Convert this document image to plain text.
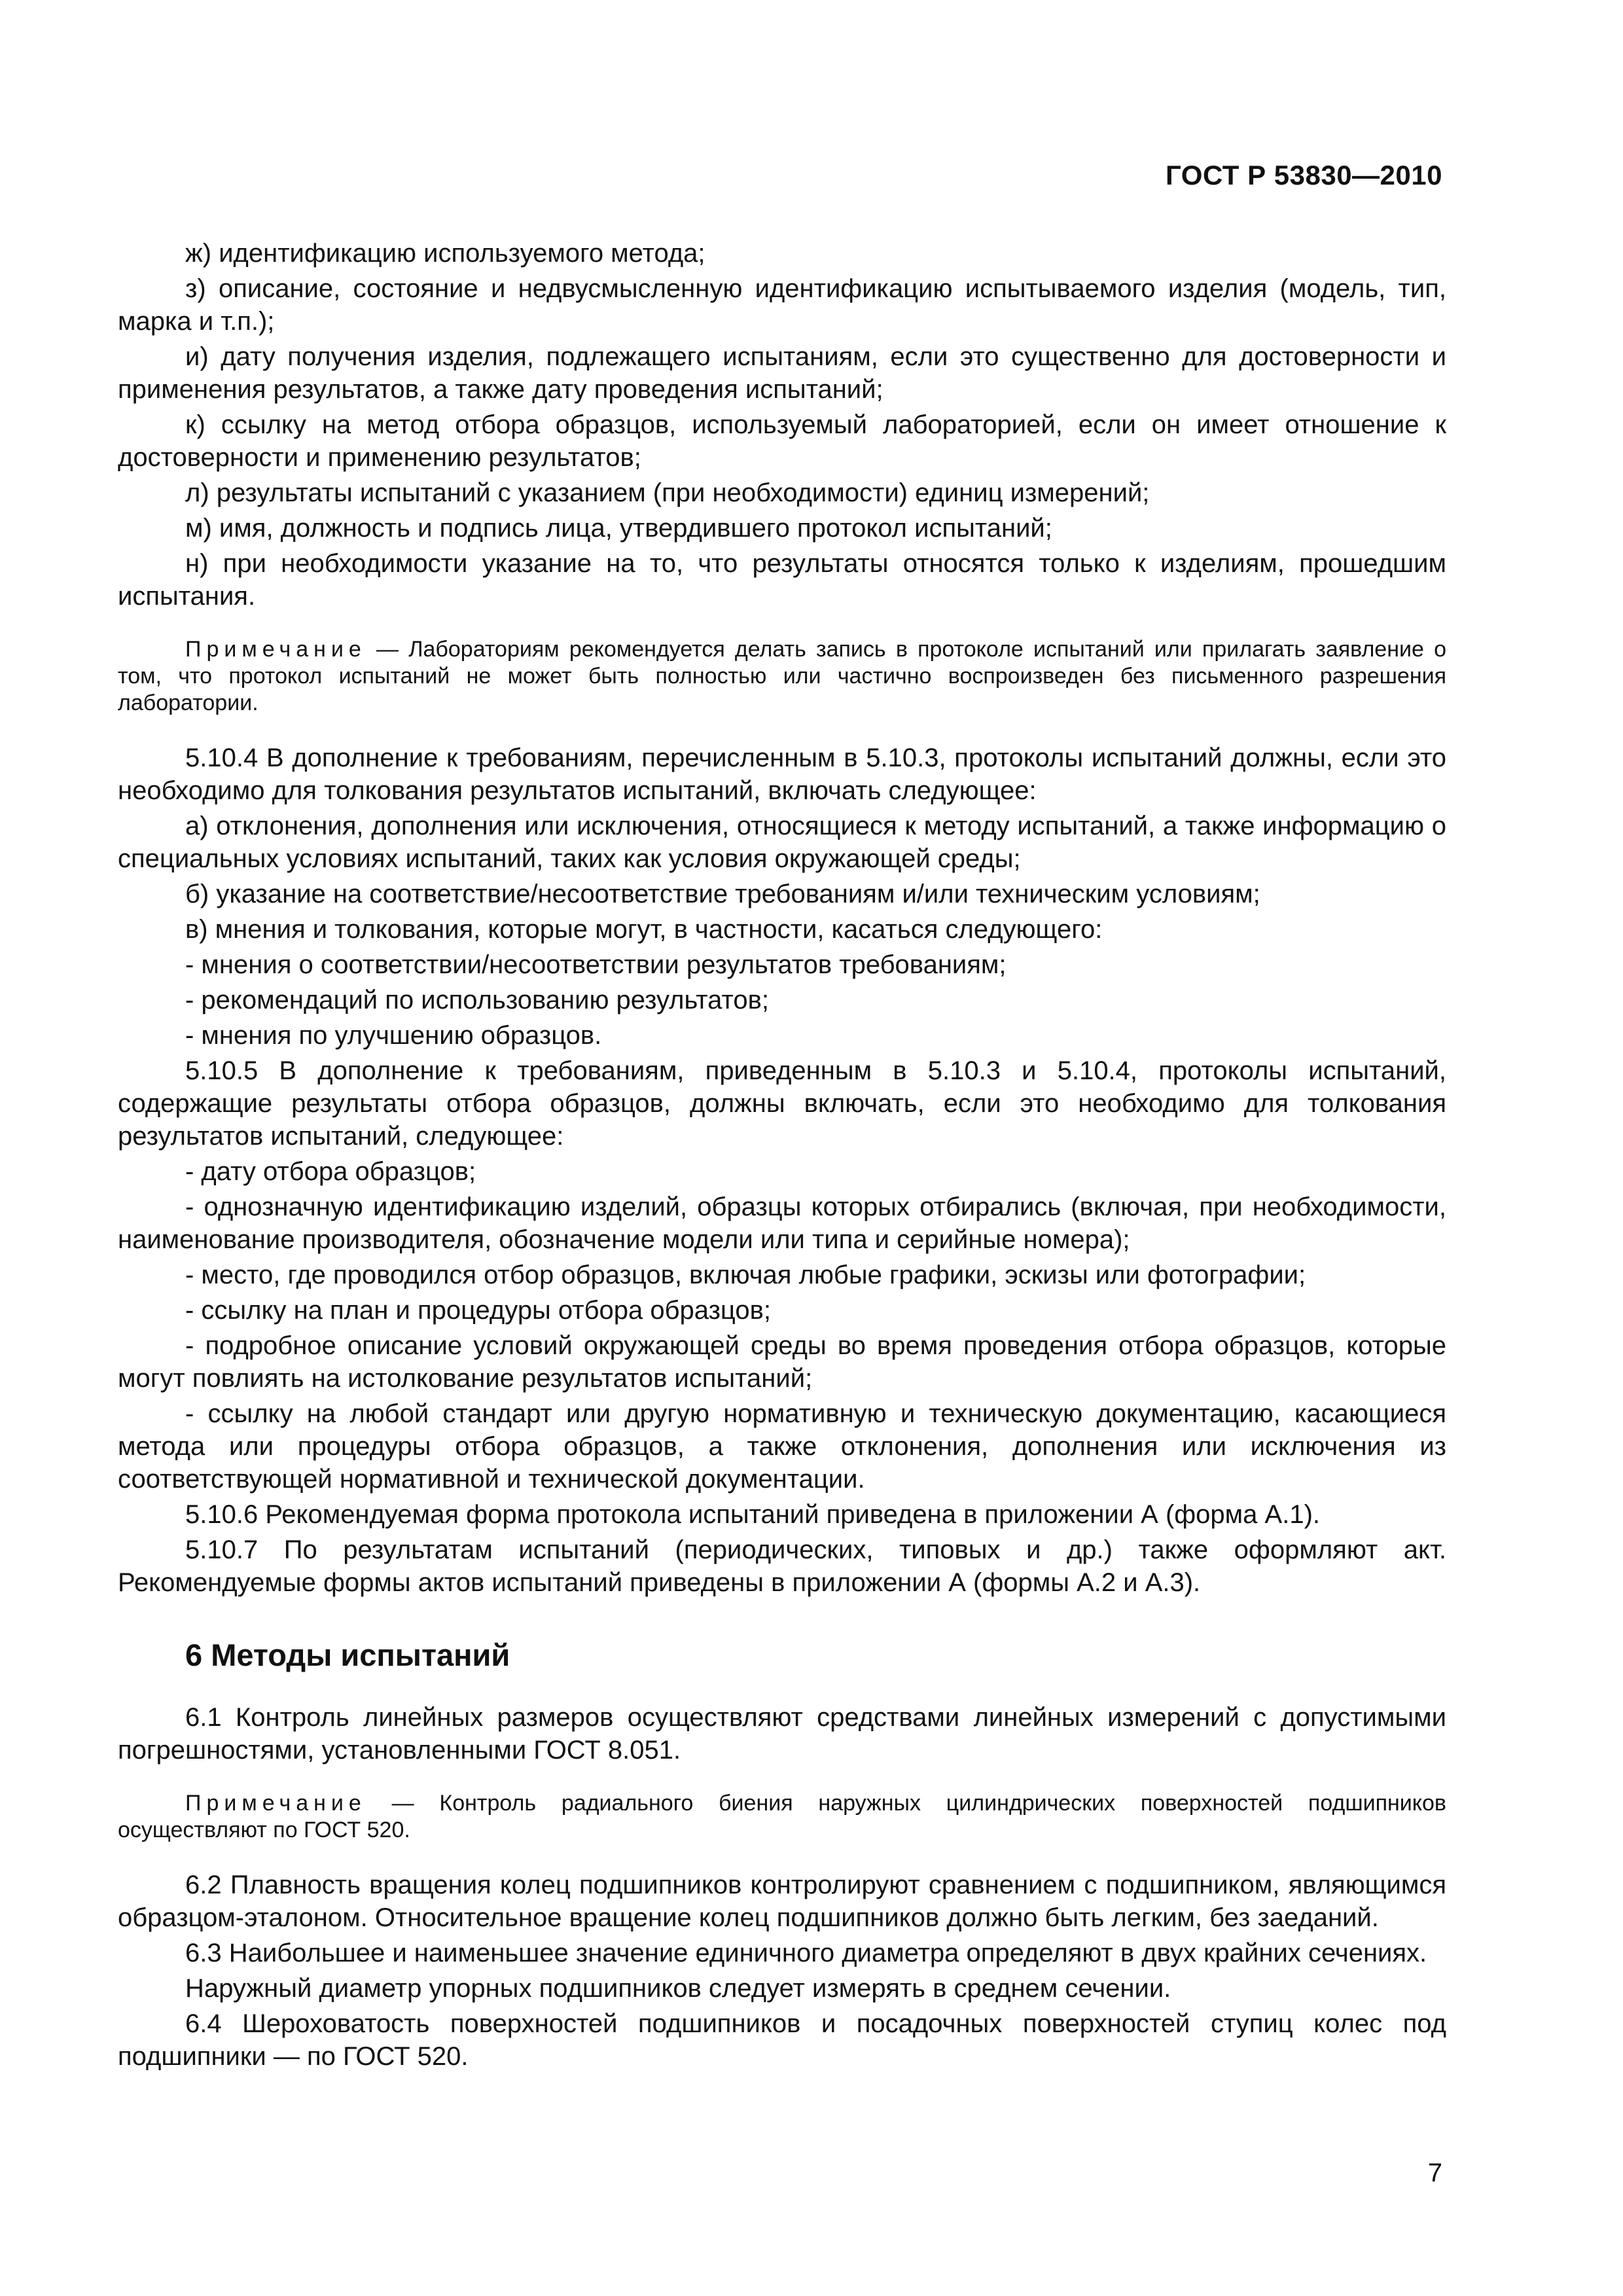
ГОСТ Р 53830—2010

ж) идентификацию используемого метода;

з) описание, состояние и недвусмысленную идентификацию испытываемого изделия (модель, тип, марка и т.п.);

и) дату получения изделия, подлежащего испытаниям, если это существенно для достоверности и применения результатов, а также дату проведения испытаний;

к) ссылку на метод отбора образцов, используемый лабораторией, если он имеет отношение к достоверности и применению результатов;

л) результаты испытаний с указанием (при необходимости) единиц измерений;

м) имя, должность и подпись лица, утвердившего протокол испытаний;

н) при необходимости указание на то, что результаты относятся только к изделиям, прошедшим испытания.

Примечание — Лабораториям рекомендуется делать запись в протоколе испытаний или прилагать заявление о том, что протокол испытаний не может быть полностью или частично воспроизведен без письменного разрешения лаборатории.

5.10.4 В дополнение к требованиям, перечисленным в 5.10.3, протоколы испытаний должны, если это необходимо для толкования результатов испытаний, включать следующее:

а) отклонения, дополнения или исключения, относящиеся к методу испытаний, а также информацию о специальных условиях испытаний, таких как условия окружающей среды;

б) указание на соответствие/несоответствие требованиям и/или техническим условиям;

в) мнения и толкования, которые могут, в частности, касаться следующего:

- мнения о соответствии/несоответствии результатов требованиям;

- рекомендаций по использованию результатов;

- мнения по улучшению образцов.

5.10.5 В дополнение к требованиям, приведенным в 5.10.3 и 5.10.4, протоколы испытаний, содержащие результаты отбора образцов, должны включать, если это необходимо для толкования результатов испытаний, следующее:

- дату отбора образцов;

- однозначную идентификацию изделий, образцы которых отбирались (включая, при необходимости, наименование производителя, обозначение модели или типа и серийные номера);

- место, где проводился отбор образцов, включая любые графики, эскизы или фотографии;

- ссылку на план и процедуры отбора образцов;

- подробное описание условий окружающей среды во время проведения отбора образцов, которые могут повлиять на истолкование результатов испытаний;

- ссылку на любой стандарт или другую нормативную и техническую документацию, касающиеся метода или процедуры отбора образцов, а также отклонения, дополнения или исключения из соответствующей нормативной и технической документации.

5.10.6 Рекомендуемая форма протокола испытаний приведена в приложении А (форма А.1).

5.10.7 По результатам испытаний (периодических, типовых и др.) также оформляют акт. Рекомендуемые формы актов испытаний приведены в приложении А (формы А.2 и А.3).

6 Методы испытаний

6.1 Контроль линейных размеров осуществляют средствами линейных измерений с допустимыми погрешностями, установленными ГОСТ 8.051.

Примечание — Контроль радиального биения наружных цилиндрических поверхностей подшипников осуществляют по ГОСТ 520.

6.2 Плавность вращения колец подшипников контролируют сравнением с подшипником, являющимся образцом-эталоном. Относительное вращение колец подшипников должно быть легким, без заеданий.

6.3 Наибольшее и наименьшее значение единичного диаметра определяют в двух крайних сечениях.

Наружный диаметр упорных подшипников следует измерять в среднем сечении.

6.4 Шероховатость поверхностей подшипников и посадочных поверхностей ступиц колес под подшипники — по ГОСТ 520.

7
